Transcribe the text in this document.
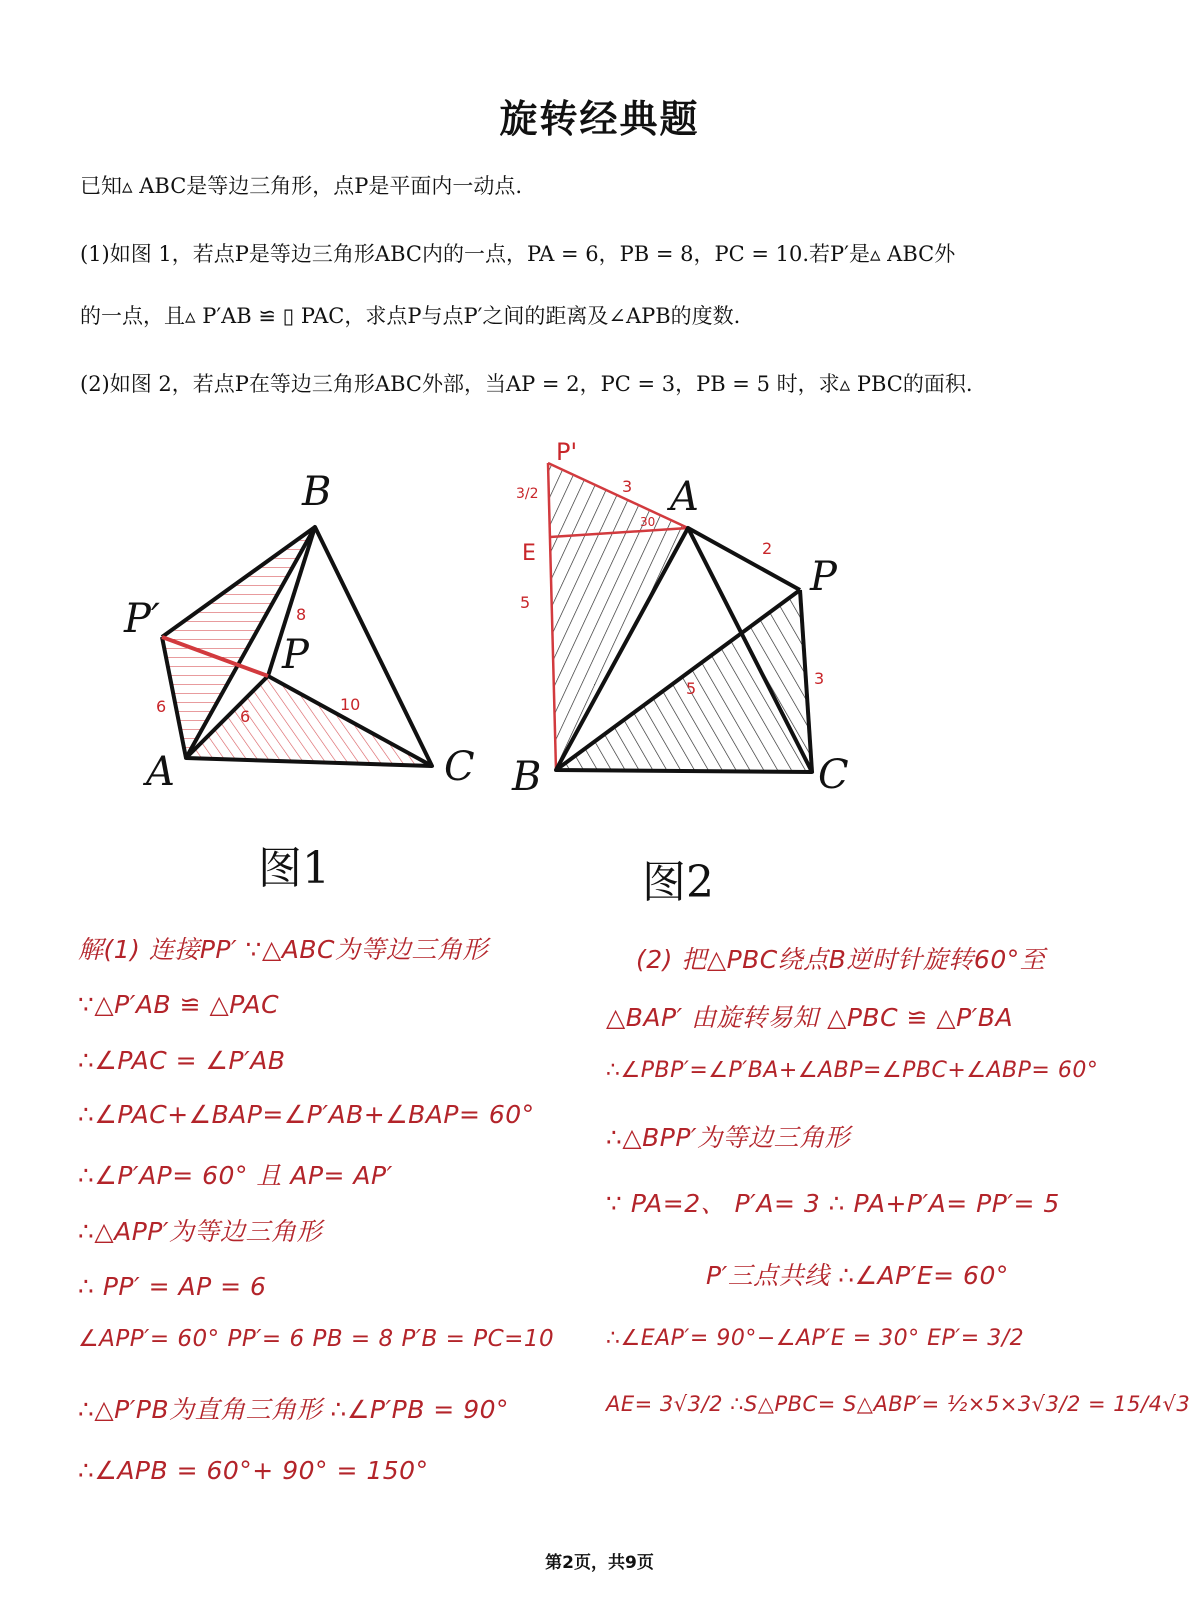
旋转经典题
已知▵ ABC是等边三角形，点P是平面内一动点.
(1)如图 1，若点P是等边三角形ABC内的一点，PA = 6，PB = 8，PC = 10.若P′是▵ ABC外
的一点，且▵ P′AB ≌ ▯ PAC，求点P与点P′之间的距离及∠APB的度数.
(2)如图 2，若点P在等边三角形ABC外部，当AP = 2，PC = 3，PB = 5 时，求▵ PBC的面积.
B
P′
P
A	C
8
6
6
10
图1
P'
A
P
B	C
E
3
2
3
5
3/2
5
30
图2
解(1) 连接PP′ ∵△ABC为等边三角形
∵△P′AB ≌ △PAC
∴∠PAC = ∠P′AB
∴∠PAC+∠BAP=∠P′AB+∠BAP= 60°
∴∠P′AP= 60° 且 AP= AP′
∴△APP′为等边三角形
∴ PP′ = AP = 6
∠APP′= 60° PP′= 6 PB = 8 P′B = PC=10
∴△P′PB为直角三角形 ∴∠P′PB = 90°
∴∠APB = 60°+ 90° = 150°
(2) 把△PBC绕点B逆时针旋转60°至
△BAP′ 由旋转易知 △PBC ≌ △P′BA
∴∠PBP′=∠P′BA+∠ABP=∠PBC+∠ABP= 60°
∴△BPP′为等边三角形
∵ PA=2、 P′A= 3 ∴ PA+P′A= PP′= 5
P′三点共线 ∴∠AP′E= 60°
∴∠EAP′= 90°−∠AP′E = 30° EP′= 3/2
AE= 3√3/2 ∴S△PBC= S△ABP′= ½×5×3√3/2 = 15/4√3
第2页，共9页
